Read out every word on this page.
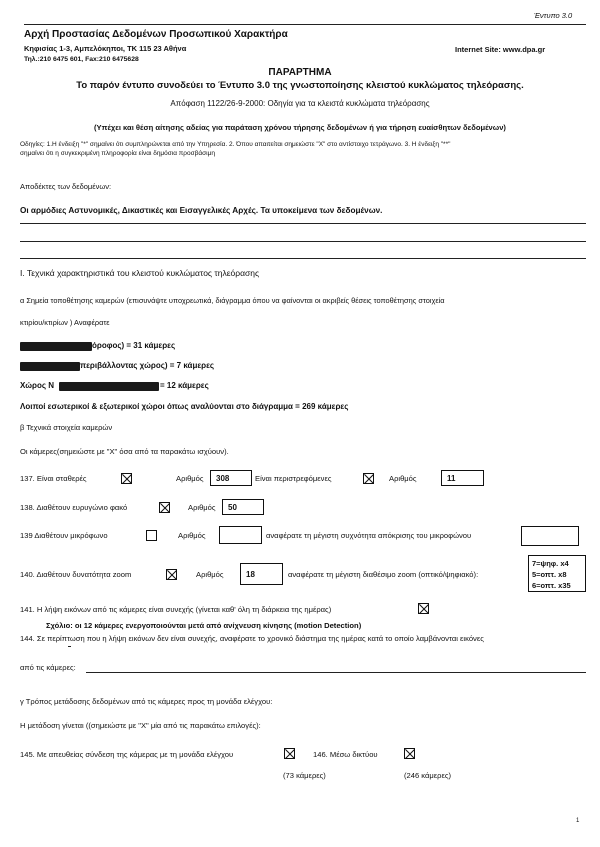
Έντυπο 3.0
Αρχή Προστασίας Δεδομένων Προσωπικού Χαρακτήρα
Κηφισίας 1-3, Αμπελόκηποι, ΤΚ 115 23 Αθήνα	Internet Site: www.dpa.gr
Τηλ.:210 6475 601, Fax:210 6475628
ΠΑΡΑΡΤΗΜΑ
Το παρόν έντυπο συνοδεύει το Έντυπο 3.0 της γνωστοποίησης κλειστού κυκλώματος τηλεόρασης.
Απόφαση 1122/26-9-2000: Οδηγία για τα κλειστά κυκλώματα τηλεόρασης
(Υπέχει και θέση αίτησης αδείας για παράταση χρόνου τήρησης δεδομένων ή για τήρηση ευαίσθητων δεδομένων)
Οδηγίες: 1.Η ένδειξη "*" σημαίνει ότι συμπληρώνεται από την Υπηρεσία. 2. Όπου απαιτείται σημειώστε "Χ" στο αντίστοιχο τετράγωνο. 3. Η ένδειξη "**"
σημαίνει ότι η συγκεκριμένη πληροφορία είναι δημόσια προσβάσιμη
Αποδέκτες των δεδομένων:
Οι αρμόδιες Αστυνομικές, Δικαστικές και Εισαγγελικές Αρχές. Τα υποκείμενα των δεδομένων.
Ι. Τεχνικά χαρακτηριστικά του κλειστού κυκλώματος τηλεόρασης
α Σημεία τοποθέτησης καμερών (επισυνάψτε υποχρεωτικά, διάγραμμα όπου να φαίνονται οι ακριβείς θέσεις τοποθέτησης στοιχεία
κτιρίου/κτιρίων ) Αναφέρατε
όροφος) = 31 κάμερες
περιβάλλοντας χώρος) = 7 κάμερες
Χώρος Ν	= 12 κάμερες
Λοιποί εσωτερικοί & εξωτερικοί χώροι όπως αναλύονται στο διάγραμμα = 269 κάμερες
β Τεχνικά στοιχεία καμερών
Οι κάμερες(σημειώστε με "Χ" όσα από τα παρακάτω ισχύουν).
137. Είναι σταθερές	Αριθμός	308	Είναι περιστρεφόμενες	Αριθμός	11
138. Διαθέτουν ευρυγώνιο φακό	Αριθμός	50
139 Διαθέτουν μικρόφωνο	Αριθμός	αναφέρατε τη μέγιστη συχνότητα απόκρισης του μικροφώνου
140. Διαθέτουν δυνατότητα zoom	Αριθμός	18	αναφέρατε τη μέγιστη διαθέσιμο zoom (οπτικό/ψηφιακό):
7=ψηφ. x4
5=οπτ. x8
6=οπτ. x35
141. Η λήψη εικόνων από τις κάμερες είναι συνεχής (γίνεται καθ' όλη τη διάρκεια της ημέρας)
Σχόλιο: οι 12 κάμερες ενεργοποιούνται μετά από ανίχνευση κίνησης (motion Detection)
144. Σε περίπτωση που η λήψη εικόνων δεν είναι συνεχής, αναφέρατε το χρονικό διάστημα της ημέρας κατά το οποίο λαμβάνονται εικόνες
από τις κάμερες:
γ Τρόπος μετάδοσης δεδομένων από τις κάμερες προς τη μονάδα ελέγχου:
Η μετάδοση γίνεται ((σημειώστε με "Χ" μία από τις παρακάτω επιλογές):
145. Με απευθείας σύνδεση της κάμερας με τη μονάδα ελέγχου	146. Μέσω δικτύου
(73 κάμερες)	(246 κάμερες)
1
